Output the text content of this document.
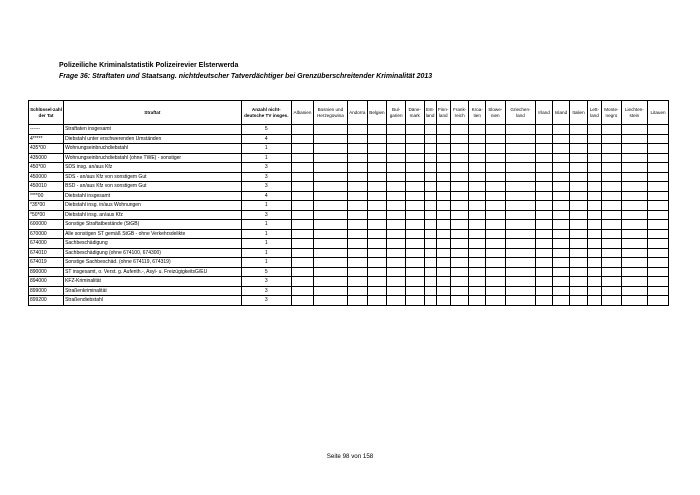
Polizeiliche Kriminalstatistik Polizeirevier Elsterwerda
Frage 36: Straftaten und Staatsang. nichtdeutscher Tatverdächtiger bei Grenzüberschreitender Kriminalität 2013
Schlüssel-zahl der Tat	Straftat	Anzahl nicht-deutsche TV insges.	Albanien	Bosnien und Herzegowina	Andorra	Belgien	Bul-garien	Däne-mark	Est-land	Finn-land	Frank-reich	Kroa-tien	Slowe-nien	Griechen-land	Irland	Island	Italien	Lett-land	Monte-negro	Liechten-stein	Litauen
------	Straftaten insgesamt	5																			
4*****	Diebstahl unter erschwerenden Umständen	4																			
435*00	Wohnungseinbruchdiebstahl	1																			
435000	Wohnungseinbruchdiebstahl (ohne TWE) - sonstiger	1																			
450*00	SDS insg. an/aus Kfz	3																			
450000	SDS - an/aus Kfz von sonstigem Gut	3																			
450010	BSD - an/aus Kfz von sonstigem Gut	3																			
****00	Diebstahl insgesamt	4																			
*35*00	Diebstahl insg. in/aus Wohnungen	1																			
*50*00	Diebstahl insg. an/aus Kfz	3																			
600000	Sonstige Straftatbestände (StGB)	1																			
670000	Alle sonstigen ST gemäß StGB - ohne Verkehrsdelikte	1																			
674000	Sachbeschädigung	1																			
674010	Sachbeschädigung (ohne 674100, 674300)	1																			
674019	Sonstige Sachbeschäd. (ohne 674119, 674319)	1																			
890000	ST insgesamt, o. Verst. g. Aufenth.-, Asyl- u. FreizügigkeitsG/EU	5																			
894000	KFZ-Kriminalität	3																			
899000	Straßenkriminalität	3																			
899200	Straßendiebstahl	3																			
Seite 98 von 158
